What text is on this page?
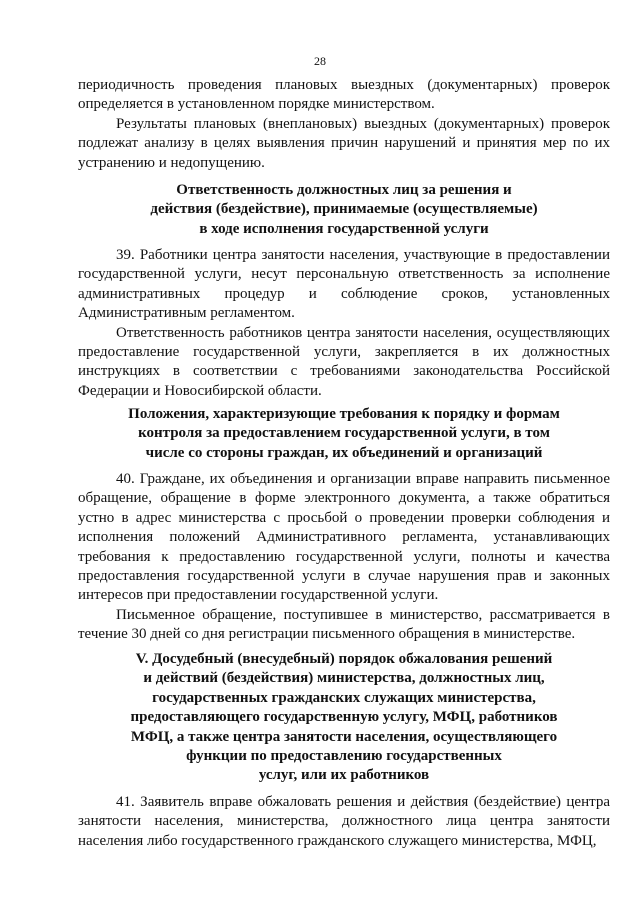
28

периодичность проведения плановых выездных (документарных) проверок определяется в установленном порядке министерством.

Результаты плановых (внеплановых) выездных (документарных) проверок подлежат анализу в целях выявления причин нарушений и принятия мер по их устранению и недопущению.

Ответственность должностных лиц за решения и

действия (бездействие), принимаемые (осуществляемые)

в ходе исполнения государственной услуги

39. Работники центра занятости населения, участвующие в предоставлении государственной услуги, несут персональную ответственность за исполнение административных процедур и соблюдение сроков, установленных Административным регламентом.

Ответственность работников центра занятости населения, осуществляющих предоставление государственной услуги, закрепляется в их должностных инструкциях в соответствии с требованиями законодательства Российской Федерации и Новосибирской области.

Положения, характеризующие требования к порядку и формам

контроля за предоставлением государственной услуги, в том

числе со стороны граждан, их объединений и организаций

40. Граждане, их объединения и организации вправе направить письменное обращение, обращение в форме электронного документа, а также обратиться устно в адрес министерства с просьбой о проведении проверки соблюдения и исполнения положений Административного регламента, устанавливающих требования к предоставлению государственной услуги, полноты и качества предоставления государственной услуги в случае нарушения прав и законных интересов при предоставлении государственной услуги.

Письменное обращение, поступившее в министерство, рассматривается в течение 30 дней со дня регистрации письменного обращения в министерстве.

V. Досудебный (внесудебный) порядок обжалования решений

и действий (бездействия) министерства, должностных лиц,

государственных гражданских служащих министерства,

предоставляющего государственную услугу, МФЦ, работников

МФЦ, а также центра занятости населения, осуществляющего

функции по предоставлению государственных

услуг, или их работников

41. Заявитель вправе обжаловать решения и действия (бездействие) центра занятости населения, министерства, должностного лица центра занятости населения либо государственного гражданского служащего министерства, МФЦ,
